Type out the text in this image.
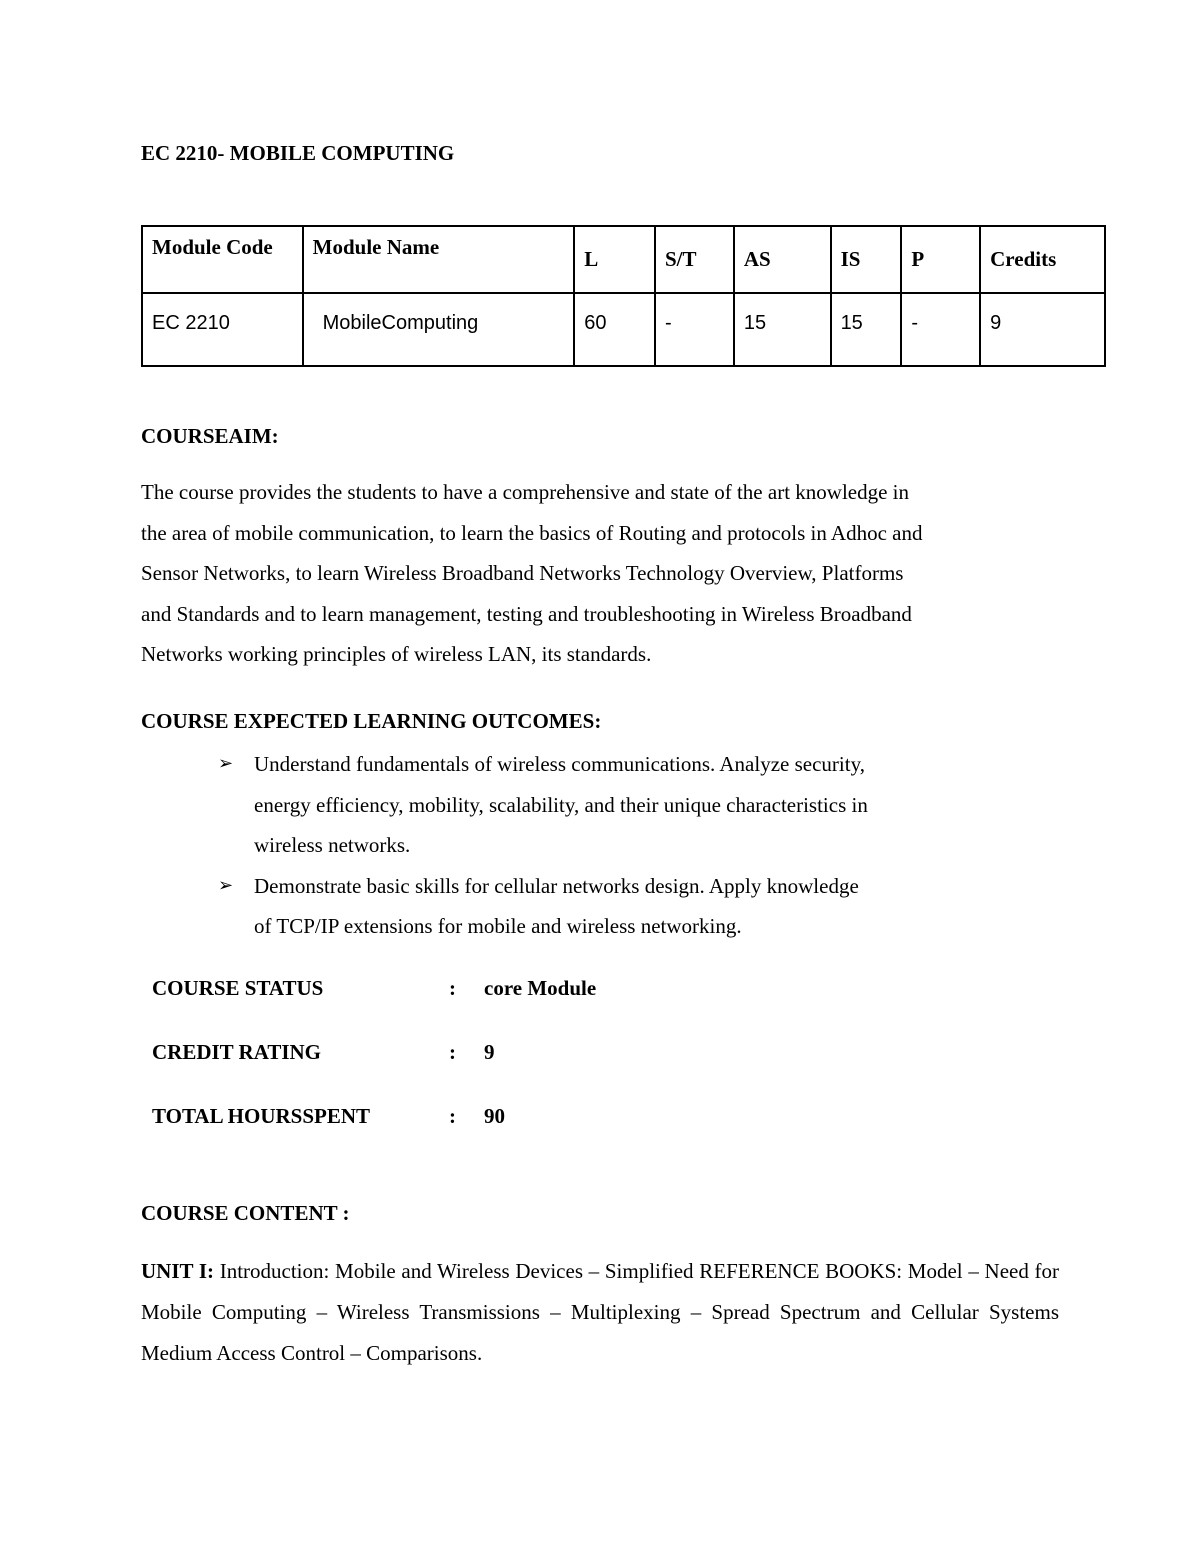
EC 2210- MOBILE COMPUTING
Module Code	Module Name	L	S/T	AS	IS	P	Credits
EC 2210	MobileComputing	60	-	15	15	-	9
COURSEAIM:

The course provides the students to have a comprehensive and state of the art knowledge in

the area of mobile communication, to learn the basics of Routing and protocols in Adhoc and

Sensor Networks, to learn Wireless Broadband Networks Technology Overview, Platforms

and Standards and to learn management, testing and troubleshooting in Wireless Broadband

Networks working principles of wireless LAN, its standards.

COURSE EXPECTED LEARNING OUTCOMES:
➢ Understand fundamentals of wireless communications. Analyze security,
energy efficiency, mobility, scalability, and their unique characteristics in
wireless networks.
➢ Demonstrate basic skills for cellular networks design. Apply knowledge
of TCP/IP extensions for mobile and wireless networking.
COURSE STATUS	: core Module
CREDIT RATING	: 9
TOTAL HOURSSPENT	: 90
COURSE CONTENT :
UNIT I: Introduction: Mobile and Wireless Devices – Simplified REFERENCE BOOKS: Model – Need for Mobile Computing – Wireless Transmissions – Multiplexing – Spread Spectrum and Cellular Systems Medium Access Control – Comparisons.
